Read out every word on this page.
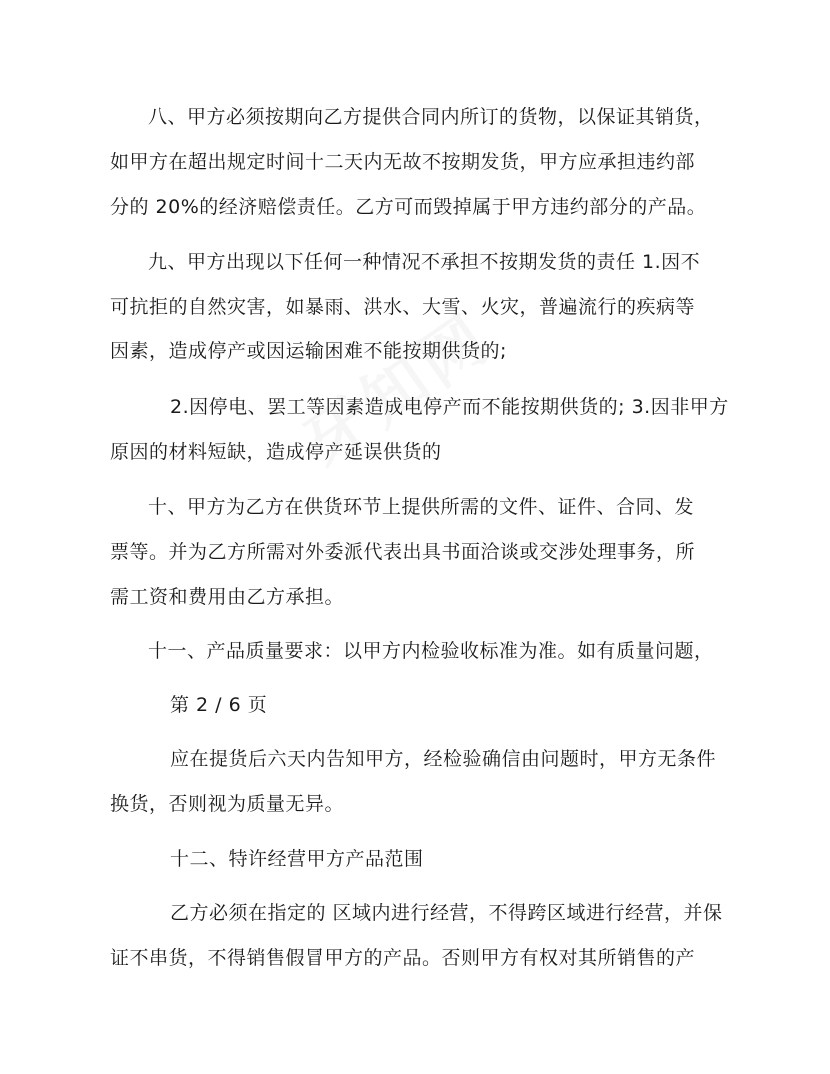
八、甲方必须按期向乙方提供合同内所订的货物，以保证其销货，
如甲方在超出规定时间十二天内无故不按期发货，甲方应承担违约部
分的 20%的经济赔偿责任。乙方可而毁掉属于甲方违约部分的产品。
九、甲方出现以下任何一种情况不承担不按期发货的责任 1.因不
可抗拒的自然灾害，如暴雨、洪水、大雪、火灾，普遍流行的疾病等
因素，造成停产或因运输困难不能按期供货的;
2.因停电、罢工等因素造成电停产而不能按期供货的; 3.因非甲方
原因的材料短缺，造成停产延误供货的
十、甲方为乙方在供货环节上提供所需的文件、证件、合同、发
票等。并为乙方所需对外委派代表出具书面洽谈或交涉处理事务，所
需工资和费用由乙方承担。
十一、产品质量要求：以甲方内检验收标准为准。如有质量问题，
第 2 / 6 页
应在提货后六天内告知甲方，经检验确信由问题时，甲方无条件
换货，否则视为质量无异。
十二、特许经营甲方产品范围
乙方必须在指定的 区域内进行经营，不得跨区域进行经营，并保
证不串货，不得销售假冒甲方的产品。否则甲方有权对其所销售的产
